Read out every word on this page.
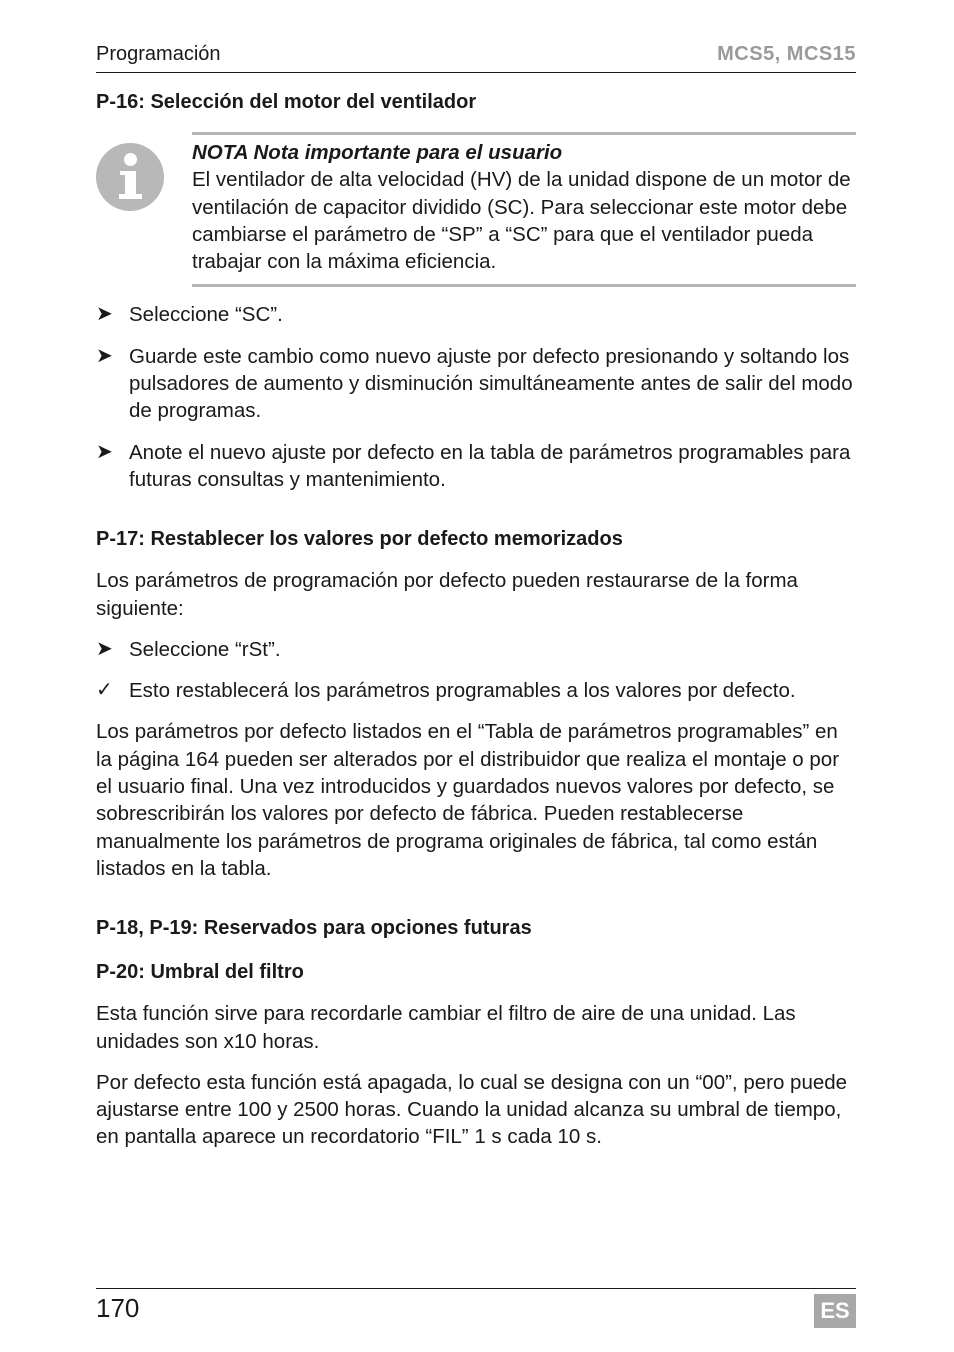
Programación	MCS5, MCS15
P-16: Selección del motor del ventilador
NOTA Nota importante para el usuario

El ventilador de alta velocidad (HV) de la unidad dispone de un motor de ventilación de capacitor dividido (SC). Para seleccionar este motor debe cambiarse el parámetro de “SP” a “SC” para que el ventilador pueda trabajar con la máxima eficiencia.

➤ Seleccione “SC”.

➤ Guarde este cambio como nuevo ajuste por defecto presionando y soltando los pulsadores de aumento y disminución simultáneamente antes de salir del modo de programas.

➤ Anote el nuevo ajuste por defecto en la tabla de parámetros programables para futuras consultas y mantenimiento.

P-17: Restablecer los valores por defecto memorizados

Los parámetros de programación por defecto pueden restaurarse de la forma siguiente:

➤ Seleccione “rSt”.

✓ Esto restablecerá los parámetros programables a los valores por defecto.

Los parámetros por defecto listados en el “Tabla de parámetros programables” en la página 164 pueden ser alterados por el distribuidor que realiza el montaje o por el usuario final. Una vez introducidos y guardados nuevos valores por defecto, se sobrescribirán los valores por defecto de fábrica. Pueden restablecerse manualmente los parámetros de programa originales de fábrica, tal como están listados en la tabla.

P-18, P-19: Reservados para opciones futuras
P-20: Umbral del filtro

Esta función sirve para recordarle cambiar el filtro de aire de una unidad. Las unidades son x10 horas.

Por defecto esta función está apagada, lo cual se designa con un “00”, pero puede ajustarse entre 100 y 2500 horas. Cuando la unidad alcanza su umbral de tiempo, en pantalla aparece un recordatorio “FIL” 1 s cada 10 s.

170	ES
